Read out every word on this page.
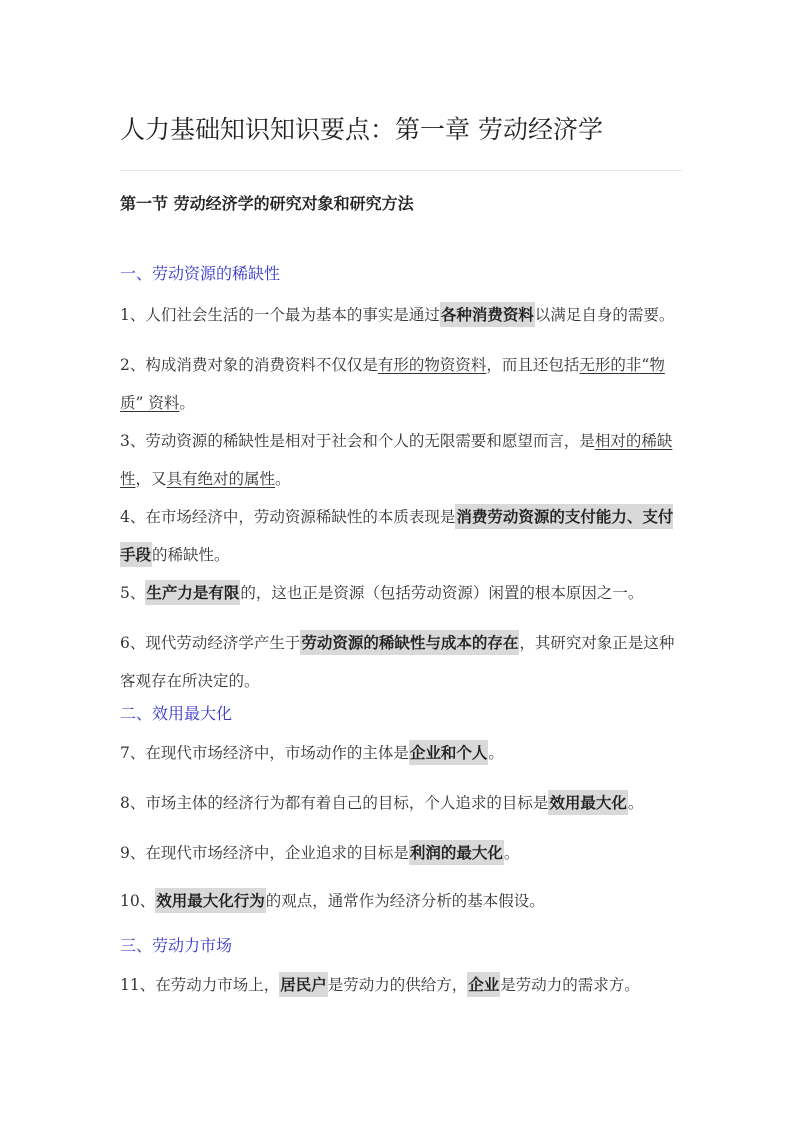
人力基础知识知识要点：第一章 劳动经济学
第一节 劳动经济学的研究对象和研究方法
一、劳动资源的稀缺性
1、人们社会生活的一个最为基本的事实是通过各种消费资料以满足自身的需要。
2、构成消费对象的消费资料不仅仅是有形的物资资料，而且还包括无形的非“物质” 资料。
3、劳动资源的稀缺性是相对于社会和个人的无限需要和愿望而言，是相对的稀缺性，又具有绝对的属性。
4、在市场经济中，劳动资源稀缺性的本质表现是消费劳动资源的支付能力、支付手段的稀缺性。
5、生产力是有限的，这也正是资源（包括劳动资源）闲置的根本原因之一。
6、现代劳动经济学产生于劳动资源的稀缺性与成本的存在，其研究对象正是这种客观存在所决定的。
二、效用最大化
7、在现代市场经济中，市场动作的主体是企业和个人。
8、市场主体的经济行为都有着自己的目标，个人追求的目标是效用最大化。
9、在现代市场经济中，企业追求的目标是利润的最大化。
10、效用最大化行为的观点，通常作为经济分析的基本假设。
三、劳动力市场
11、在劳动力市场上，居民户是劳动力的供给方，企业是劳动力的需求方。
